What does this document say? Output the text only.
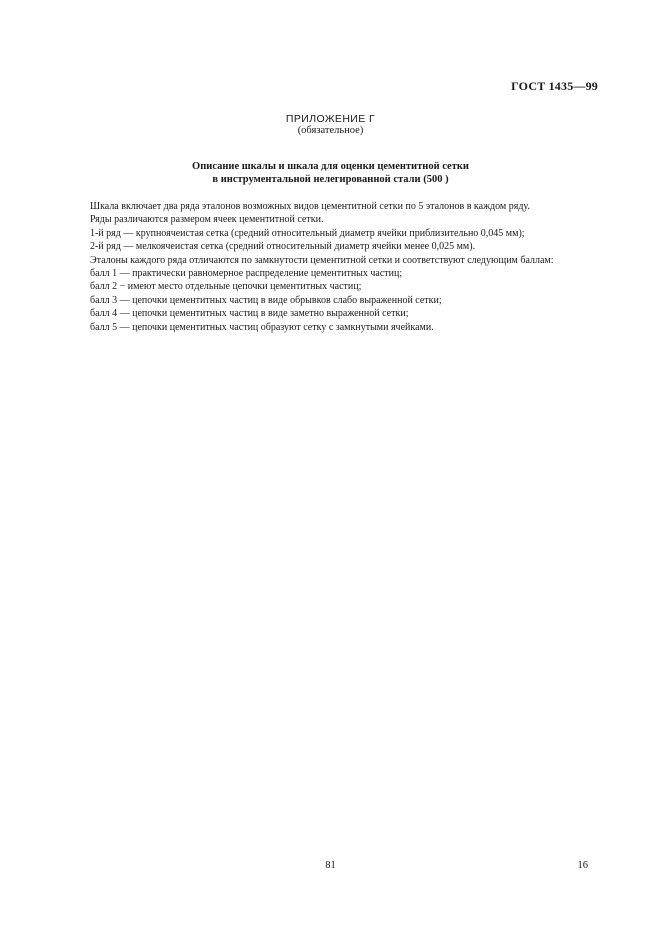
ГОСТ 1435—99
ПРИЛОЖЕНИЕ Г
(обязательное)
Описание шкалы и шкала для оценки цементитной сетки
в инструментальной нелегированной стали (500 )

Шкала включает два ряда эталонов возможных видов цементитной сетки по 5 эталонов в каждом ряду.

Ряды различаются размером ячеек цементитной сетки.

1-й ряд — крупноячеистая сетка (средний относительный диаметр ячейки приблизительно 0,045 мм);

2-й ряд — мелкоячеистая сетка (средний относительный диаметр ячейки менее 0,025 мм).

Эталоны каждого ряда отличаются по замкнутости цементитной сетки и соответствуют следующим баллам:

балл 1 — практически равномерное распределение цементитных частиц;

балл 2 − имеют место отдельные цепочки цементитных частиц;

балл 3 — цепочки цементитных частиц в виде обрывков слабо выраженной сетки;

балл 4 — цепочки цементитных частиц в виде заметно выраженной сетки;

балл 5 — цепочки цементитных частиц образуют сетку с замкнутыми ячейками.

81	16
